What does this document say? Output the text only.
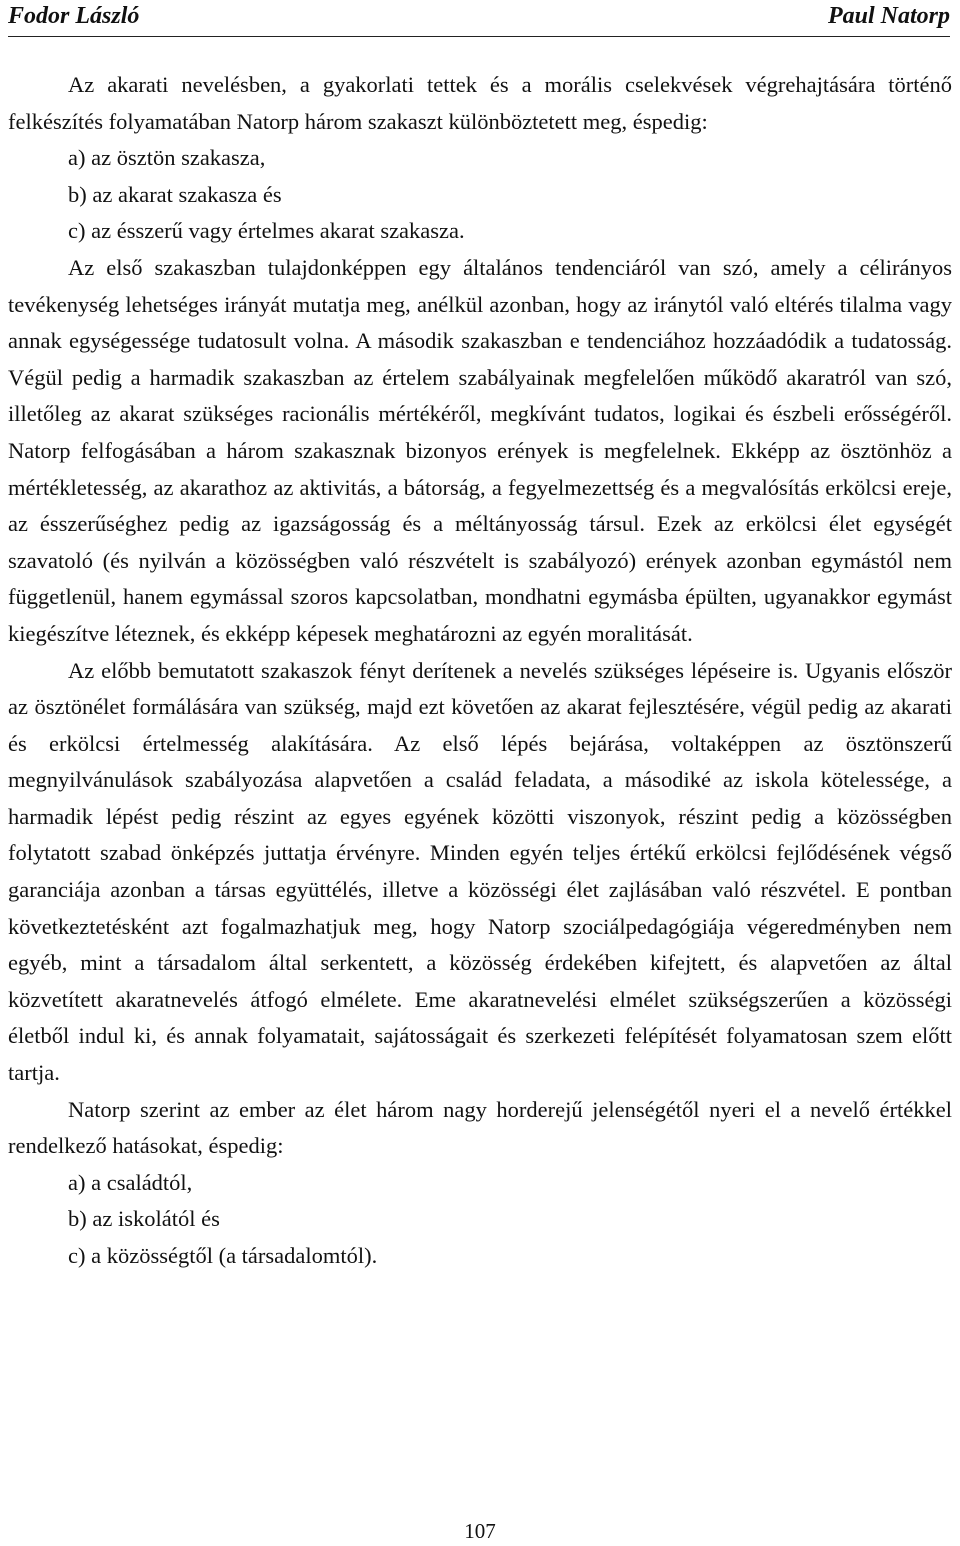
Fodor László	Paul Natorp

Az akarati nevelésben, a gyakorlati tettek és a morális cselekvések végrehajtására történő felkészítés folyamatában Natorp három szakaszt különböztetett meg, éspedig:

a) az ösztön szakasza,

b) az akarat szakasza és

c) az ésszerű vagy értelmes akarat szakasza.

Az első szakaszban tulajdonképpen egy általános tendenciáról van szó, amely a célirányos tevékenység lehetséges irányát mutatja meg, anélkül azonban, hogy az iránytól való eltérés tilalma vagy annak egységessége tudatosult volna. A második szakaszban e tendenciához hozzáadódik a tudatosság. Végül pedig a harmadik szakaszban az értelem szabályainak megfelelően működő akaratról van szó, illetőleg az akarat szükséges racionális mértékéről, megkívánt tudatos, logikai és észbeli erősségéről. Natorp felfogásában a három szakasznak bizonyos erények is megfelelnek. Ekképp az ösztönhöz a mértékletesség, az akarathoz az aktivitás, a bátorság, a fegyelmezettség és a megvalósítás erkölcsi ereje, az ésszerűséghez pedig az igazságosság és a méltányosság társul. Ezek az erkölcsi élet egységét szavatoló (és nyilván a közösségben való részvételt is szabályozó) erények azonban egymástól nem függetlenül, hanem egymással szoros kapcsolatban, mondhatni egymásba épülten, ugyanakkor egymást kiegészítve léteznek, és ekképp képesek meghatározni az egyén moralitását.

Az előbb bemutatott szakaszok fényt derítenek a nevelés szükséges lépéseire is. Ugyanis először az ösztönélet formálására van szükség, majd ezt követően az akarat fejlesztésére, végül pedig az akarati és erkölcsi értelmesség alakítására. Az első lépés bejárása, voltaképpen az ösztönszerű megnyilvánulások szabályozása alapvetően a család feladata, a másodiké az iskola kötelessége, a harmadik lépést pedig részint az egyes egyének közötti viszonyok, részint pedig a közösségben folytatott szabad önképzés juttatja érvényre. Minden egyén teljes értékű erkölcsi fejlődésének végső garanciája azonban a társas együttélés, illetve a közösségi élet zajlásában való részvétel. E pontban következtetésként azt fogalmazhatjuk meg, hogy Natorp szociálpedagógiája végeredményben nem egyéb, mint a társadalom által serkentett, a közösség érdekében kifejtett, és alapvetően az által közvetített akaratnevelés átfogó elmélete. Eme akaratnevelési elmélet szükségszerűen a közösségi életből indul ki, és annak folyamatait, sajátosságait és szerkezeti felépítését folyamatosan szem előtt tartja.

Natorp szerint az ember az élet három nagy horderejű jelenségétől nyeri el a nevelő értékkel rendelkező hatásokat, éspedig:

a) a családtól,

b) az iskolától és

c) a közösségtől (a társadalomtól).

107
